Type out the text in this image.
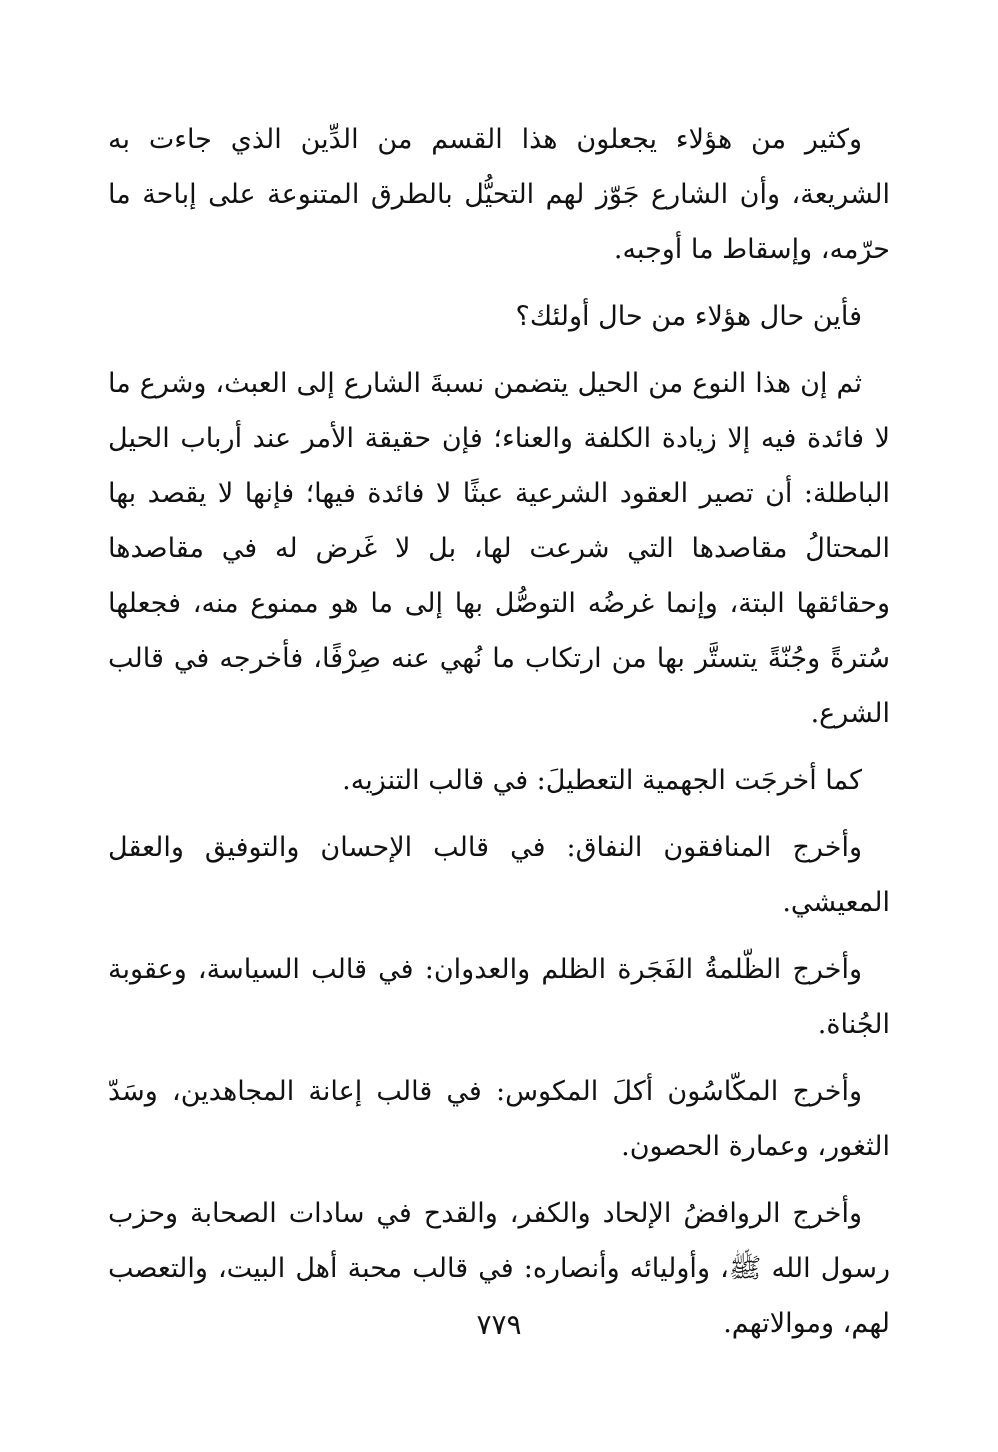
وكثير من هؤلاء يجعلون هذا القسم من الدِّين الذي جاءت به الشريعة، وأن الشارع جَوّز لهم التحيُّل بالطرق المتنوعة على إباحة ما حرّمه، وإسقاط ما أوجبه.

فأين حال هؤلاء من حال أولئك؟

ثم إن هذا النوع من الحيل يتضمن نسبةَ الشارع إلى العبث، وشرع ما لا فائدة فيه إلا زيادة الكلفة والعناء؛ فإن حقيقة الأمر عند أرباب الحيل الباطلة: أن تصير العقود الشرعية عبثًا لا فائدة فيها؛ فإنها لا يقصد بها المحتالُ مقاصدها التي شرعت لها، بل لا غَرض له في مقاصدها وحقائقها البتة، وإنما غرضُه التوصُّل بها إلى ما هو ممنوع منه، فجعلها سُترةً وجُنّةً يتستَّر بها من ارتكاب ما نُهي عنه صِرْفًا، فأخرجه في قالب الشرع.

كما أخرجَت الجهمية التعطيلَ: في قالب التنزيه.

وأخرج المنافقون النفاق: في قالب الإحسان والتوفيق والعقل المعيشي.

وأخرج الظّلمةُ الفَجَرة الظلم والعدوان: في قالب السياسة، وعقوبة الجُناة.

وأخرج المكّاسُون أكلَ المكوس: في قالب إعانة المجاهدين، وسَدّ الثغور، وعمارة الحصون.

وأخرج الروافضُ الإلحاد والكفر، والقدح في سادات الصحابة وحزب رسول الله ﷺ، وأوليائه وأنصاره: في قالب محبة أهل البيت، والتعصب لهم، وموالاتهم.

٧٧٩
